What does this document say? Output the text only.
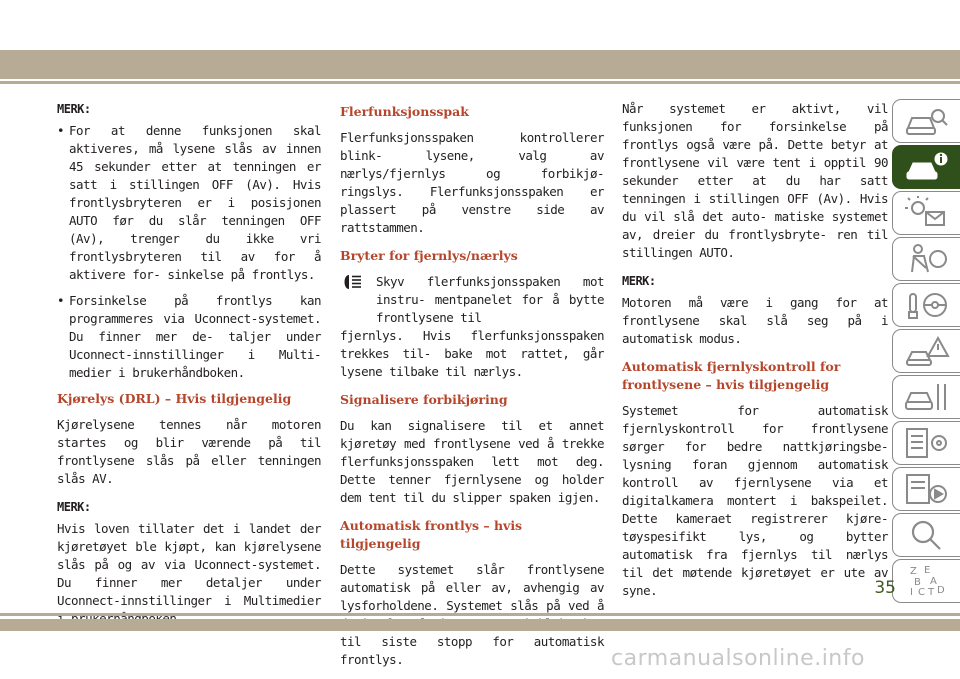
MERK:

• For at denne funksjonen skal aktiveres, må lysene slås av innen 45 sekunder etter at tenningen er satt i stillingen OFF (Av). Hvis frontlysbryteren er i posisjonen AUTO før du slår tenningen OFF (Av), trenger du ikke vri frontlysbryteren til av for å aktivere for- sinkelse på frontlys.
• Forsinkelse på frontlys kan programmeres via Uconnect-systemet. Du finner mer de- taljer under Uconnect-innstillinger i Multi- medier i brukerhåndboken.
Kjørelys (DRL) – Hvis tilgjengelig

Kjørelysene tennes når motoren startes og blir værende på til frontlysene slås på eller tenningen slås AV.

MERK:

Hvis loven tillater det i landet der kjøretøyet ble kjøpt, kan kjørelysene slås på og av via Uconnect-systemet. Du finner mer detaljer under Uconnect-innstillinger i Multimedier

Flerfunksjonsspak

Flerfunksjonsspaken kontrollerer blink- lysene, valg av nærlys/fjernlys og forbikjø- ringslys. Flerfunksjonsspaken er plassert på venstre side av rattstammen.

Bryter for fjernlys/nærlys

Skyv flerfunksjonsspaken mot instru- mentpanelet for å bytte frontlysene til
fjernlys. Hvis flerfunksjonsspaken trekkes til- bake mot rattet, går lysene tilbake til nærlys.

Signalisere forbikjøring

Du kan signalisere til et annet kjøretøy med frontlysene ved å trekke flerfunksjonsspaken lett mot deg. Dette tenner fjernlysene og holder dem tent til du slipper spaken igjen.

Automatisk frontlys – hvis tilgjengelig

Dette systemet slår frontlysene automatisk på eller av, avhengig av lysforholdene. Systemet slås på ved å til siste stopp for automatisk frontlys.

Når systemet er aktivt, vil funksjonen for forsinkelse på frontlys også være på. Dette betyr at frontlysene vil være tent i opptil 90 sekunder etter at du har satt tenningen i stillingen OFF (Av). Hvis du vil slå det auto- matiske systemet av, dreier du frontlysbryte- ren til stillingen AUTO.

MERK:

Motoren må være i gang for at frontlysene skal slå seg på i automatisk modus.

Automatisk fjernlyskontroll for frontlysene – hvis tilgjengelig

Systemet for automatisk fjernlyskontroll for frontlysene sørger for bedre nattkjøringsbe- lysning foran gjennom automatisk kontroll av fjernlysene via et digitalkamera montert i bakspeilet. Dette kameraet registrerer kjøre- tøyspesifikt lys, og bytter automatisk fra fjernlys til nærlys til det møtende kjøretøyet er ute av syne.

Z E
B A
I C T D
35
carmanualsonline.info
